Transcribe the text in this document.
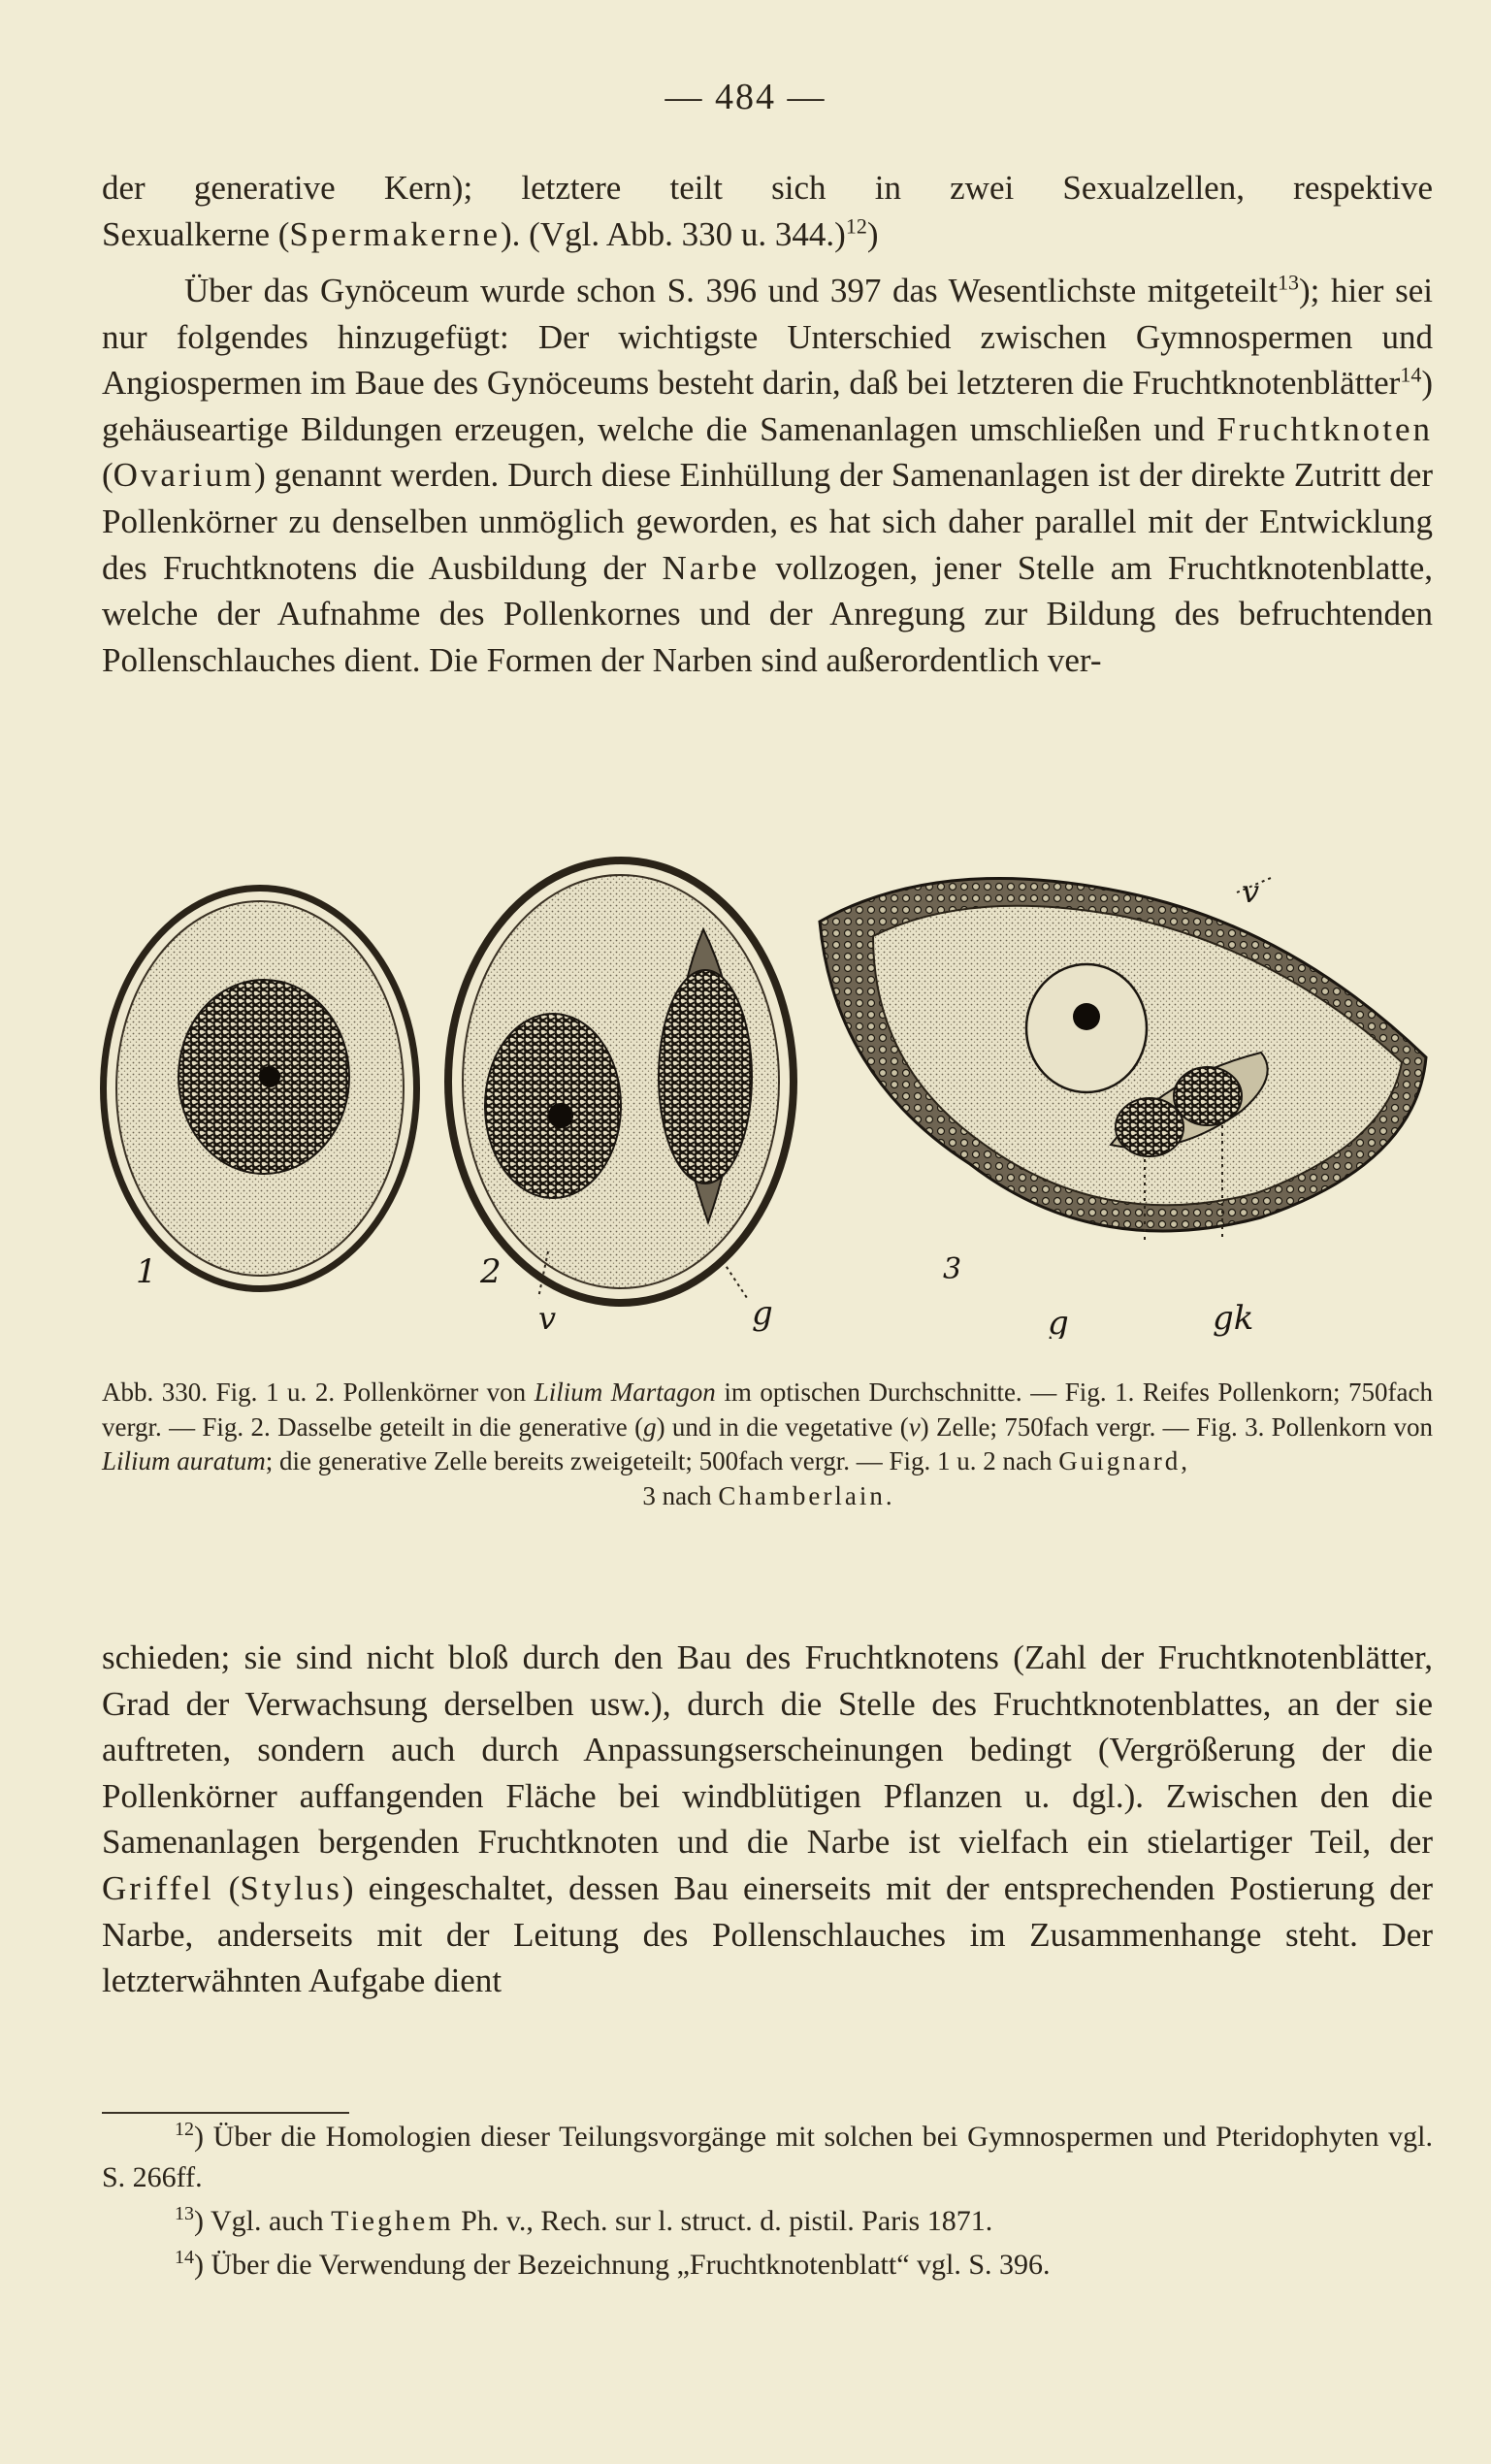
— 484 —

der generative Kern); letztere teilt sich in zwei Sexualzellen, respektive

Sexualkerne (Spermakerne). (Vgl. Abb. 330 u. 344.)$^{12}$)

Über das Gynöceum wurde schon S. 396 und 397 das Wesentlichste mitgeteilt$^{13}$); hier sei nur folgendes hinzugefügt: Der wichtigste Unterschied zwischen Gymnospermen und Angiospermen im Baue des Gynöceums besteht darin, daß bei letzteren die Fruchtknotenblätter$^{14}$) gehäuseartige Bildungen erzeugen, welche die Samenanlagen umschließen und Fruchtknoten (Ovarium) genannt werden. Durch diese Einhüllung der Samenanlagen ist der direkte Zutritt der Pollenkörner zu denselben unmöglich geworden, es hat sich daher parallel mit der Entwicklung des Fruchtknotens die Ausbildung der Narbe vollzogen, jener Stelle am Fruchtknotenblatte, welche der Aufnahme des Pollenkornes und der Anregung zur Bildung des befruchtenden Pollenschlauches dient. Die Formen der Narben sind außerordentlich ver-

1	2	3
v
v	g	g	gk

Abb. 330. Fig. 1 u. 2. Pollenkörner von Lilium Martagon im optischen Durchschnitte. — Fig. 1. Reifes Pollenkorn; 750fach vergr. — Fig. 2. Dasselbe geteilt in die generative (g) und in die vegetative (v) Zelle; 750fach vergr. — Fig. 3. Pollenkorn von Lilium auratum; die generative Zelle bereits zweigeteilt; 500fach vergr. — Fig. 1 u. 2 nach Guignard,

3 nach Chamberlain.

schieden; sie sind nicht bloß durch den Bau des Fruchtknotens (Zahl der Fruchtknotenblätter, Grad der Verwachsung derselben usw.), durch die Stelle des Fruchtknotenblattes, an der sie auftreten, sondern auch durch Anpassungserscheinungen bedingt (Vergrößerung der die Pollenkörner auffangenden Fläche bei windblütigen Pflanzen u. dgl.). Zwischen den die Samenanlagen bergenden Fruchtknoten und die Narbe ist vielfach ein stielartiger Teil, der Griffel (Stylus) eingeschaltet, dessen Bau einerseits mit der entsprechenden Postierung der Narbe, anderseits mit der Leitung des Pollenschlauches im Zusammenhange steht. Der letzterwähnten Aufgabe dient

$^{12}$) Über die Homologien dieser Teilungsvorgänge mit solchen bei Gymnospermen und Pteridophyten vgl. S. 266ff.

$^{13}$) Vgl. auch Tieghem Ph. v., Rech. sur l. struct. d. pistil. Paris 1871.

$^{14}$) Über die Verwendung der Bezeichnung „Fruchtknotenblatt“ vgl. S. 396.
